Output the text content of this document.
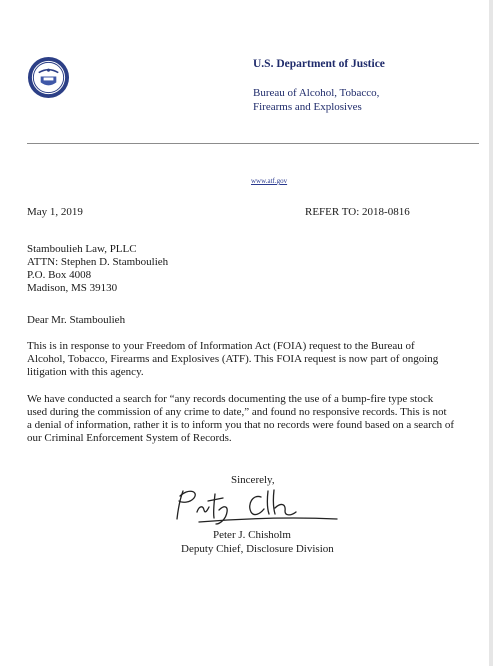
U.S. Department of Justice
Bureau of Alcohol, Tobacco,
Firearms and Explosives
www.atf.gov
May 1, 2019	REFER TO: 2018-0816
Stamboulieh Law, PLLC
ATTN: Stephen D. Stamboulieh
P.O. Box 4008
Madison, MS 39130
Dear Mr. Stamboulieh
This is in response to your Freedom of Information Act (FOIA) request to the Bureau of
Alcohol, Tobacco, Firearms and Explosives (ATF). This FOIA request is now part of ongoing
litigation with this agency.
We have conducted a search for “any records documenting the use of a bump-fire type stock
used during the commission of any crime to date,” and found no responsive records. This is not
a denial of information, rather it is to inform you that no records were found based on a search of
our Criminal Enforcement System of Records.
Sincerely,
Peter J. Chisholm
Deputy Chief, Disclosure Division
